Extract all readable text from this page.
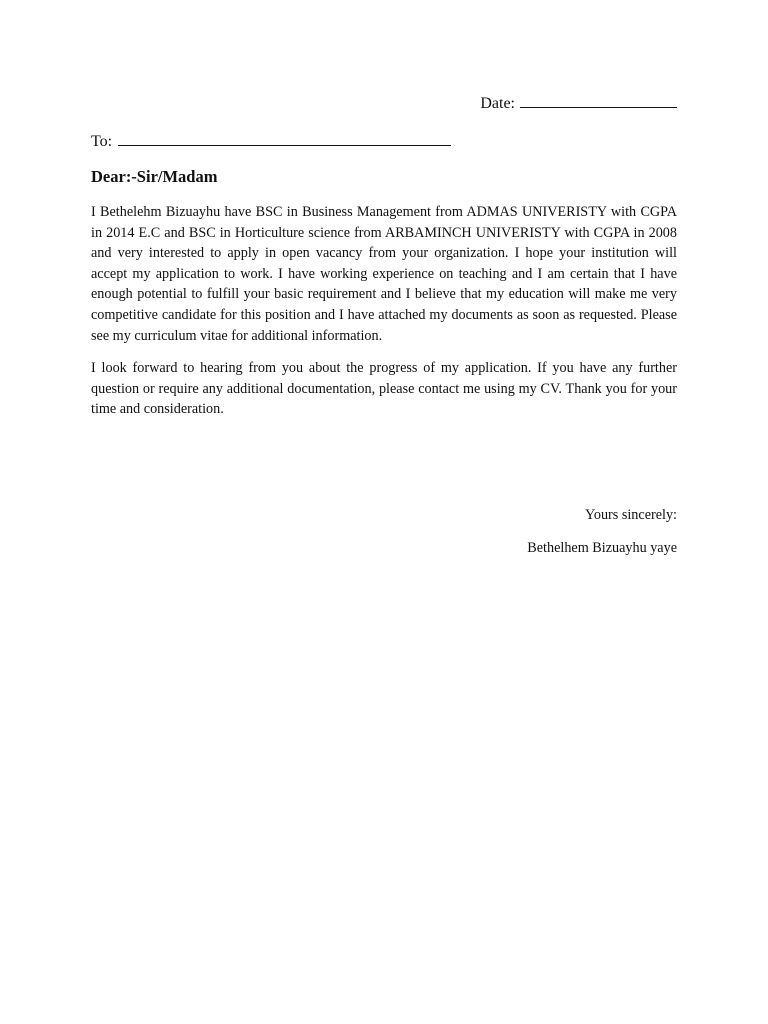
Date:
To:

Dear:-Sir/Madam

I Bethelehm Bizuayhu have BSC in Business Management from ADMAS UNIVERISTY with CGPA in 2014 E.C and BSC in Horticulture science from ARBAMINCH UNIVERISTY with CGPA in 2008 and very interested to apply in open vacancy from your organization. I hope your institution will accept my application to work. I have working experience on teaching and I am certain that I have enough potential to fulfill your basic requirement and I believe that my education will make me very competitive candidate for this position and I have attached my documents as soon as requested. Please see my curriculum vitae for additional information.

I look forward to hearing from you about the progress of my application. If you have any further question or require any additional documentation, please contact me using my CV. Thank you for your time and consideration.

Yours sincerely:

Bethelhem Bizuayhu yaye
